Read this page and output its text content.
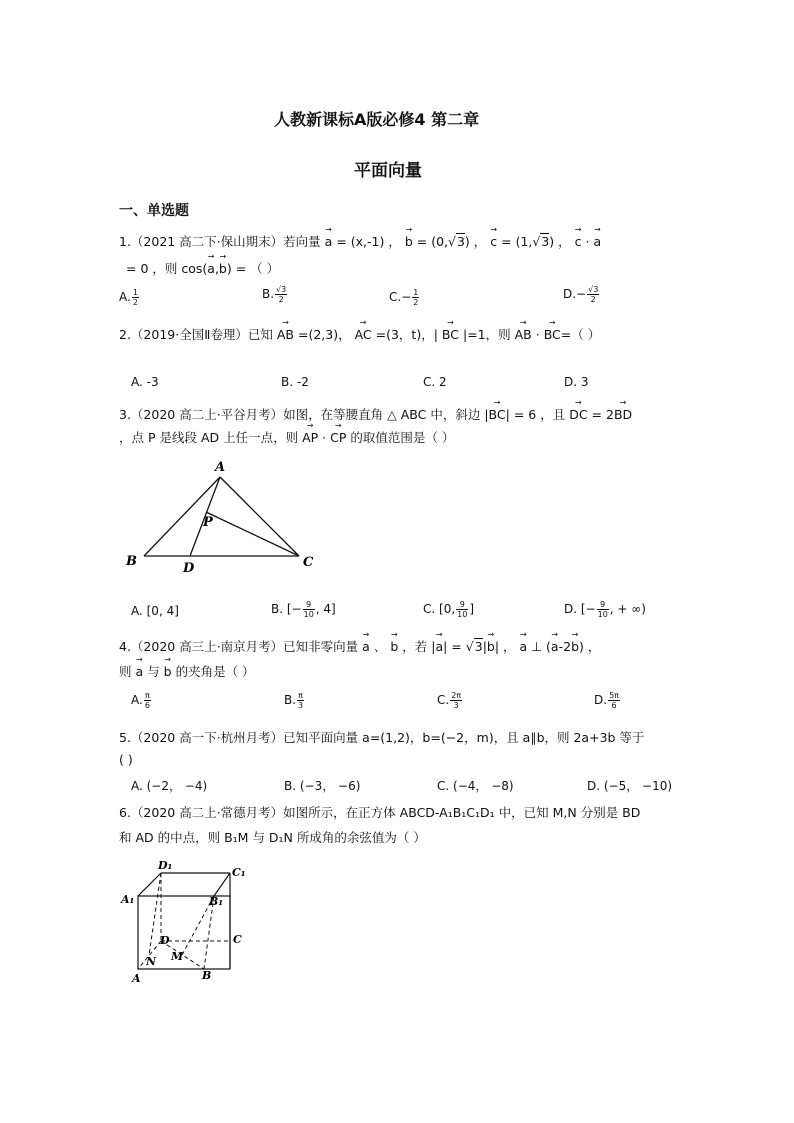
人教新课标A版必修4 第二章
平面向量
一、单选题
1.（2021 高二下·保山期末）若向量 → a = (x,-1) ， → b = (0,√3) ， → c = (1,√3) ， → c · → a
= 0 ，则 cos(→ a,→ b) = （ ）
A. $\frac{1}{2}$	B. $\frac{√3}{2}$	$C.- \frac{1}{2}$	$D.- \frac{√3}{2}$
2.（2019·全国Ⅱ卷理）已知 → AB =(2,3)， → AC =(3，t)，| → BC |=1，则 → AB · → BC=（ ）
A. -3	B. -2	C. 2	D. 3
3.（2020 高二上·平谷月考）如图，在等腰直角 △ ABC 中，斜边 |→ BC| = 6 ，且 → DC = 2→ BD
，点 P 是线段 AD 上任一点，则 → AP · → CP 的取值范围是（ ）
A
B	C
D
P
A. [0, 4]	B. [− $\frac{9}{10}$ , 4]	C. [0, $\frac{9}{10}$ ]	D. [− $\frac{9}{10}$ , + ∞)
4.（2020 高三上·南京月考）已知非零向量 → a 、 → b ，若 |→ a| = √3|→ b| ， → a ⊥ (→ a-2→ b) ，
则 → a 与 → b 的夹角是（ ）
A. $\frac{\pi}{6}$	B. $\frac{\pi}{3}$	C. $\frac{2\pi}{3}$	D. $\frac{5\pi}{6}$
5.（2020 高一下·杭州月考）已知平面向量 a=(1,2)，b=(−2，m)，且 a∥b，则 2a+3b 等于
( )
A. (−2， −4)	B. (−3， −6)	C. (−4， −8)	D. (−5， −10)
6.（2020 高二上·常德月考）如图所示，在正方体 ABCD-A₁B₁C₁D₁ 中，已知 M,N 分别是 BD
和 AD 的中点，则 B₁M 与 D₁N 所成角的余弦值为（ ）
D₁
C₁
A₁	B₁
D	C
N M
A	B
